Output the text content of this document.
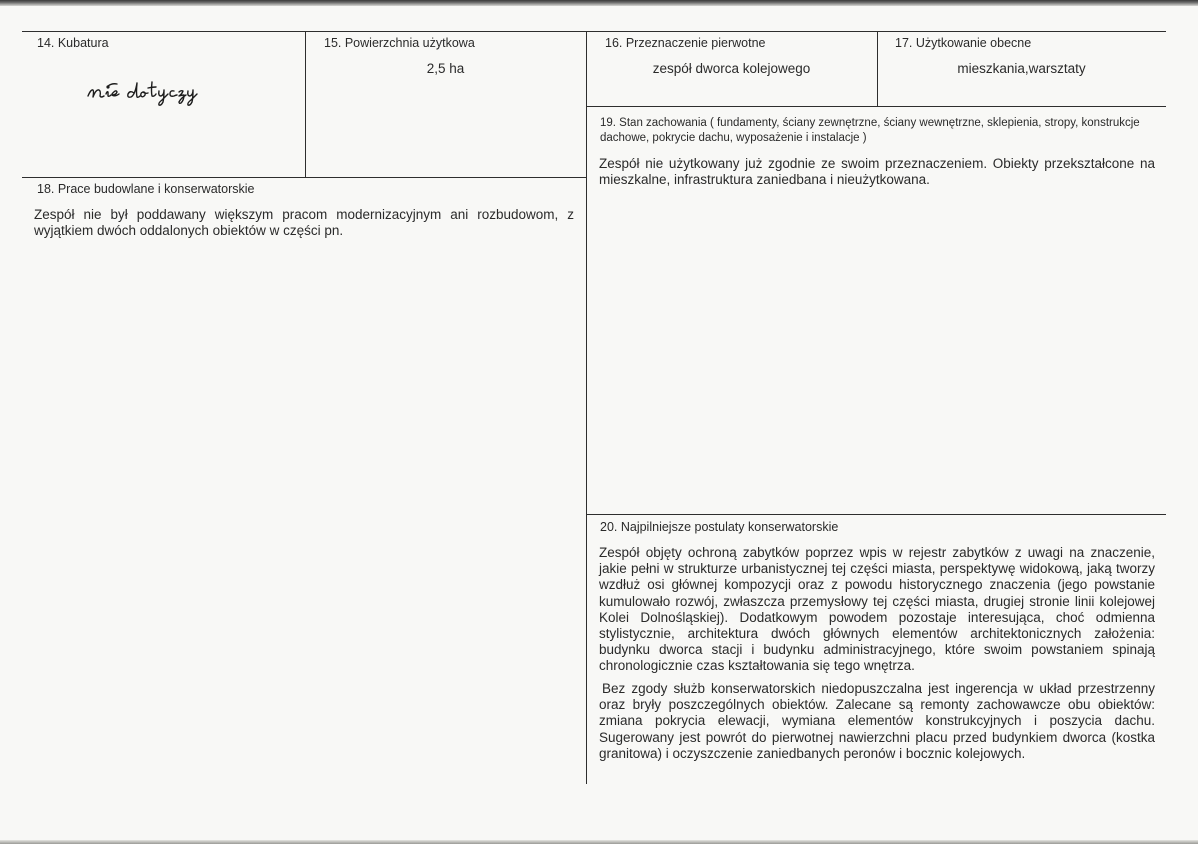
14. Kubatura	15. Powierzchnia użytkowa
2,5 ha
16. Przeznaczenie pierwotne
zespół dworca kolejowego
17. Użytkowanie obecne
mieszkania,warsztaty
18. Prace budowlane i konserwatorskie
Zespół nie był poddawany większym pracom modernizacyjnym ani rozbudowom, z wyjątkiem dwóch oddalonych obiektów w części pn.
19. Stan zachowania ( fundamenty, ściany zewnętrzne, ściany wewnętrzne, sklepienia, stropy, konstrukcje dachowe, pokrycie dachu, wyposażenie i instalacje )
Zespół nie użytkowany już zgodnie ze swoim przeznaczeniem. Obiekty przekształcone na mieszkalne, infrastruktura zaniedbana i nieużytkowana.
20. Najpilniejsze postulaty konserwatorskie
Zespół objęty ochroną zabytków poprzez wpis w rejestr zabytków z uwagi na znaczenie, jakie pełni w strukturze urbanistycznej tej części miasta, perspektywę widokową, jaką tworzy wzdłuż osi głównej kompozycji oraz z powodu historycznego znaczenia (jego powstanie kumulowało rozwój, zwłaszcza przemysłowy tej części miasta, drugiej stronie linii kolejowej Kolei Dolnośląskiej). Dodatkowym powodem pozostaje interesująca, choć odmienna stylistycznie, architektura dwóch głównych elementów architektonicznych założenia: budynku dworca stacji i budynku administracyjnego, które swoim powstaniem spinają chronologicznie czas kształtowania się tego wnętrza.
Bez zgody służb konserwatorskich niedopuszczalna jest ingerencja w układ przestrzenny oraz bryły poszczególnych obiektów. Zalecane są remonty zachowawcze obu obiektów: zmiana pokrycia elewacji, wymiana elementów konstrukcyjnych i poszycia dachu. Sugerowany jest powrót do pierwotnej nawierzchni placu przed budynkiem dworca (kostka granitowa) i oczyszczenie zaniedbanych peronów i bocznic kolejowych.
